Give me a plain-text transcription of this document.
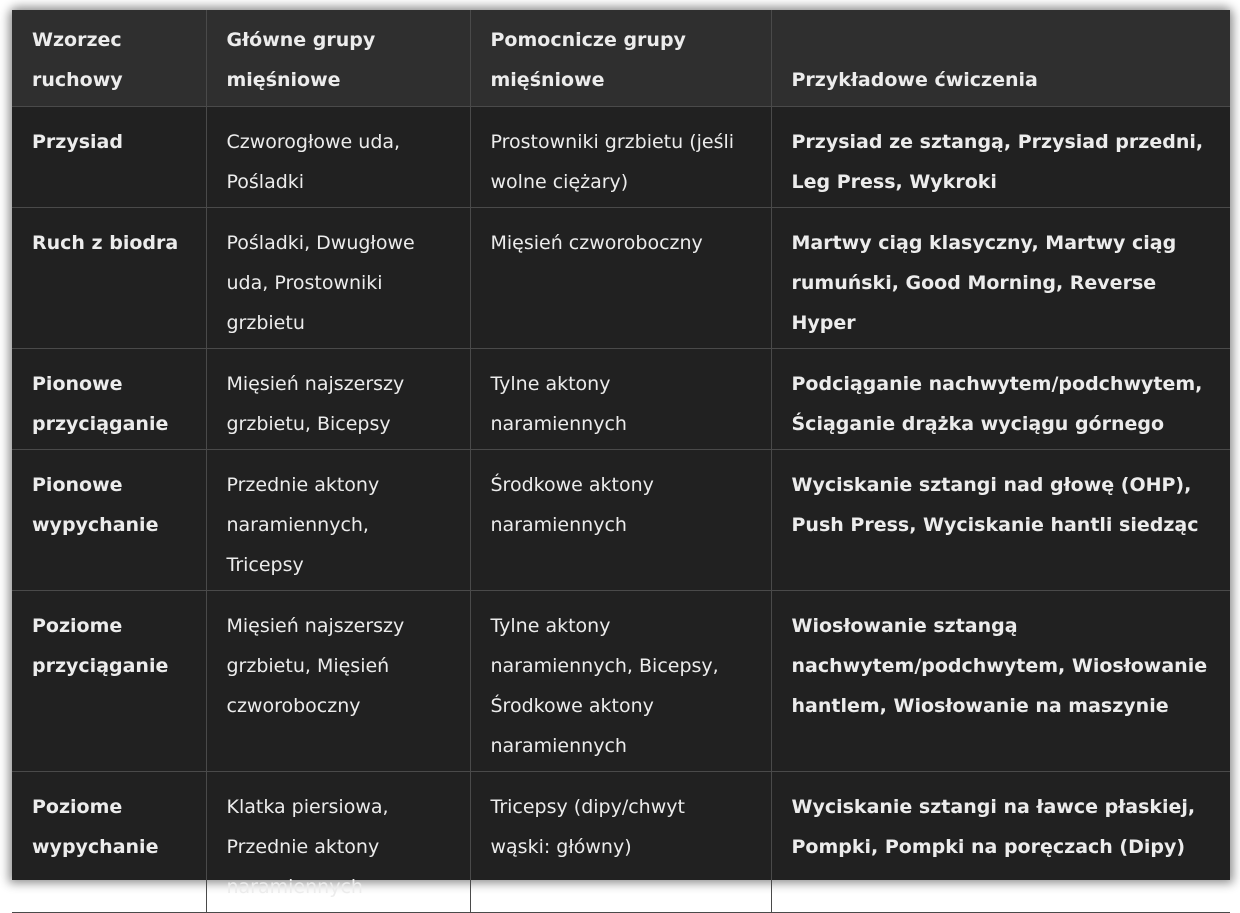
Wzorzec ruchowy	Główne grupy mięśniowe	Pomocnicze grupy mięśniowe	Przykładowe ćwiczenia
Przysiad	Czworogłowe uda, Pośladki	Prostowniki grzbietu (jeśli wolne ciężary)	Przysiad ze sztangą, Przysiad przedni, Leg Press, Wykroki
Ruch z biodra	Pośladki, Dwugłowe uda, Prostowniki grzbietu	Mięsień czworoboczny	Martwy ciąg klasyczny, Martwy ciąg rumuński, Good Morning, Reverse Hyper
Pionowe przyciąganie	Mięsień najszerszy grzbietu, Bicepsy	Tylne aktony naramiennych	Podciąganie nachwytem/podchwytem, Ściąganie drążka wyciągu górnego
Pionowe wypychanie	Przednie aktony naramiennych, Tricepsy	Środkowe aktony naramiennych	Wyciskanie sztangi nad głowę (OHP), Push Press, Wyciskanie hantli siedząc
Poziome przyciąganie	Mięsień najszerszy grzbietu, Mięsień czworoboczny	Tylne aktony naramiennych, Bicepsy, Środkowe aktony naramiennych	Wiosłowanie sztangą nachwytem/podchwytem, Wiosłowanie hantlem, Wiosłowanie na maszynie
Poziome wypychanie	Klatka piersiowa, Przednie aktony naramiennych	Tricepsy (dipy/chwyt wąski: główny)	Wyciskanie sztangi na ławce płaskiej, Pompki, Pompki na poręczach (Dipy)
